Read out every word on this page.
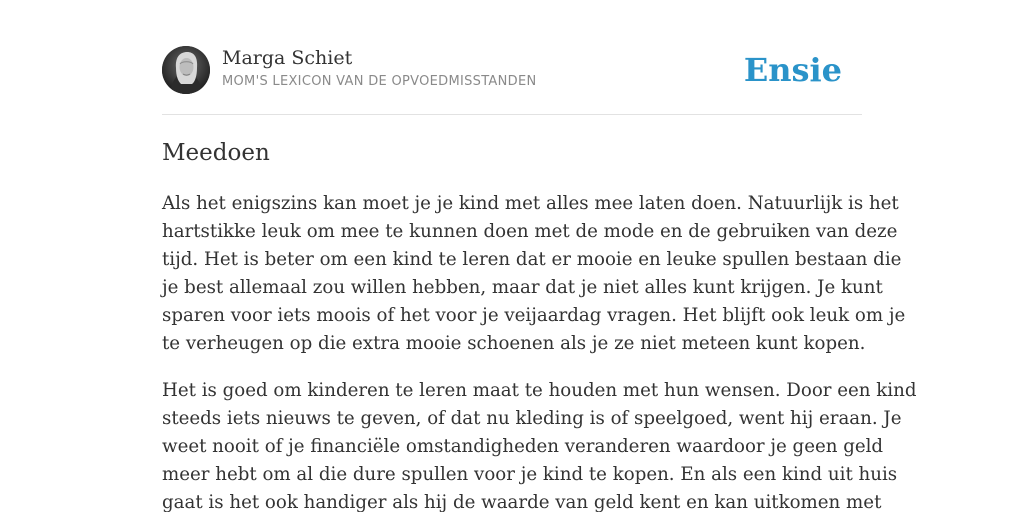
Marga Schiet
MOM'S LEXICON VAN DE OPVOEDMISSTANDEN	Ensie
Meedoen

Als het enigszins kan moet je je kind met alles mee laten doen. Natuurlijk is het
hartstikke leuk om mee te kunnen doen met de mode en de gebruiken van deze
tijd. Het is beter om een kind te leren dat er mooie en leuke spullen bestaan die
je best allemaal zou willen hebben, maar dat je niet alles kunt krijgen. Je kunt
sparen voor iets moois of het voor je veijaardag vragen. Het blijft ook leuk om je
te verheugen op die extra mooie schoenen als je ze niet meteen kunt kopen.

Het is goed om kinderen te leren maat te houden met hun wensen. Door een kind
steeds iets nieuws te geven, of dat nu kleding is of speelgoed, went hij eraan. Je
weet nooit of je financiële omstandigheden veranderen waardoor je geen geld
meer hebt om al die dure spullen voor je kind te kopen. En als een kind uit huis
gaat is het ook handiger als hij de waarde van geld kent en kan uitkomen met
